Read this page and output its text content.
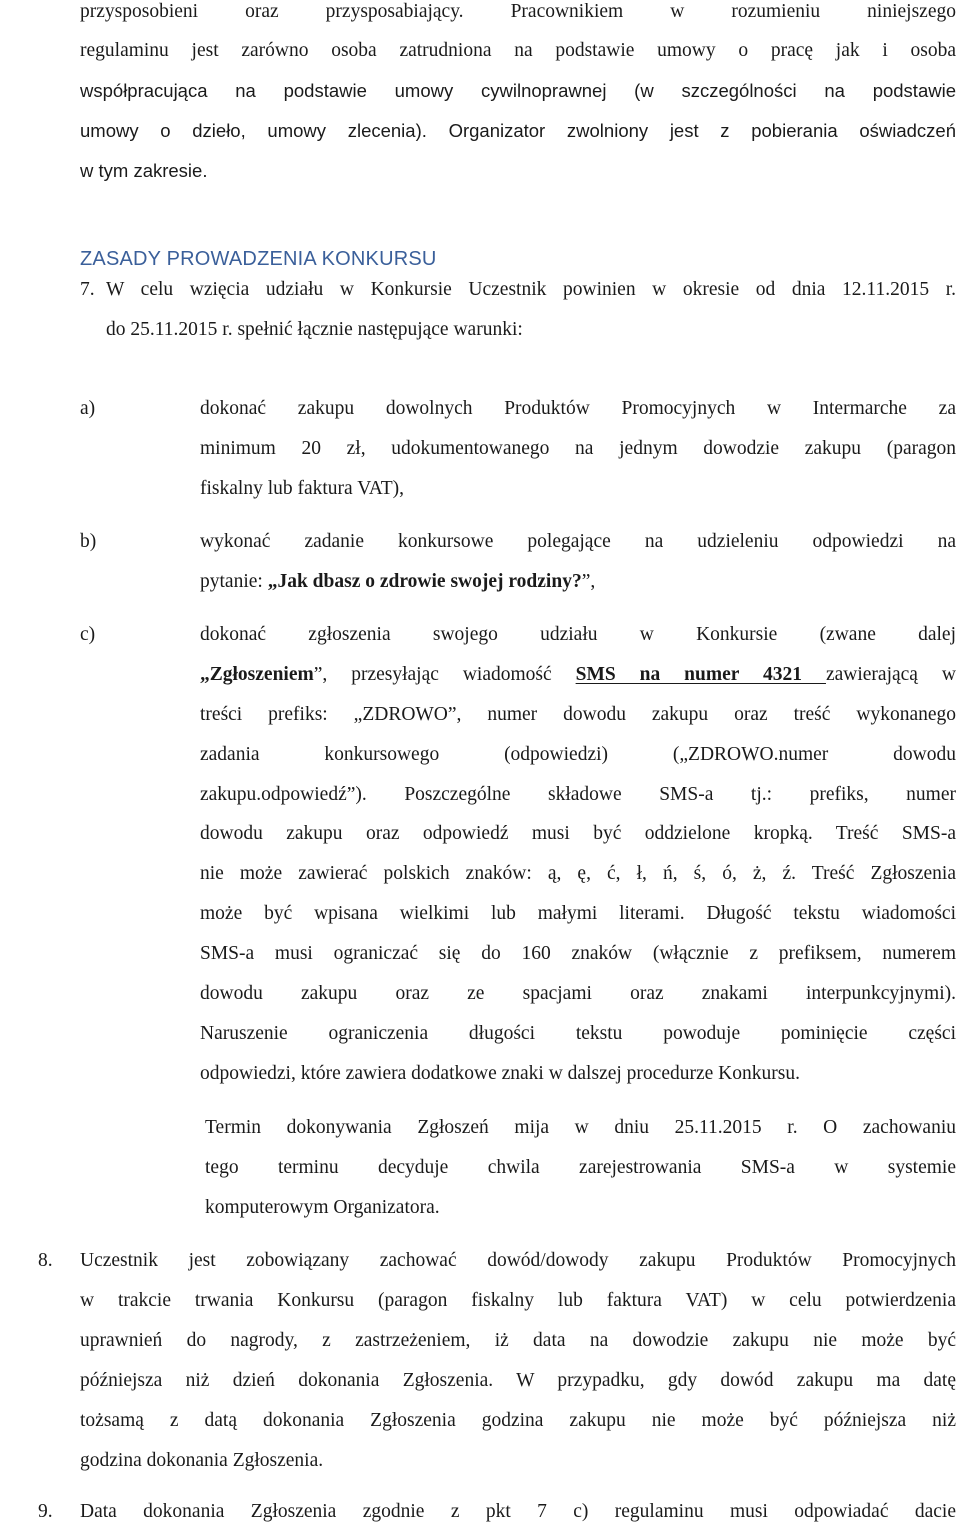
przysposobieni oraz przysposabiający. Pracownikiem w rozumieniu niniejszego
regulaminu jest zarówno osoba zatrudniona na podstawie umowy o pracę jak i osoba
współpracująca na podstawie umowy cywilnoprawnej (w szczególności na podstawie
umowy o dzieło, umowy zlecenia). Organizator zwolniony jest z pobierania oświadczeń
w tym zakresie.
ZASADY PROWADZENIA KONKURSU
7. W celu wzięcia udziału w Konkursie Uczestnik powinien w okresie od dnia 12.11.2015 r.
do 25.11.2015 r. spełnić łącznie następujące warunki:
a)	dokonać zakupu dowolnych Produktów Promocyjnych w Intermarche za
minimum 20 zł, udokumentowanego na jednym dowodzie zakupu (paragon
fiskalny lub faktura VAT),
b)	wykonać zadanie konkursowe polegające na udzieleniu odpowiedzi na
pytanie: „Jak dbasz o zdrowie swojej rodziny?”,
c)	dokonać zgłoszenia swojego udziału w Konkursie (zwane dalej
„Zgłoszeniem”, przesyłając wiadomość SMS na numer 4321 zawierającą w
treści prefiks: „ZDROWO”, numer dowodu zakupu oraz treść wykonanego
zadania konkursowego (odpowiedzi) („ZDROWO.numer dowodu
zakupu.odpowiedź”). Poszczególne składowe SMS-a tj.: prefiks, numer
dowodu zakupu oraz odpowiedź musi być oddzielone kropką. Treść SMS-a
nie może zawierać polskich znaków: ą, ę, ć, ł, ń, ś, ó, ż, ź. Treść Zgłoszenia
może być wpisana wielkimi lub małymi literami. Długość tekstu wiadomości
SMS-a musi ograniczać się do 160 znaków (włącznie z prefiksem, numerem
dowodu zakupu oraz ze spacjami oraz znakami interpunkcyjnymi).
Naruszenie ograniczenia długości tekstu powoduje pominięcie części
odpowiedzi, które zawiera dodatkowe znaki w dalszej procedurze Konkursu.
Termin dokonywania Zgłoszeń mija w dniu 25.11.2015 r. O zachowaniu
tego terminu decyduje chwila zarejestrowania SMS-a w systemie
komputerowym Organizatora.
8. Uczestnik jest zobowiązany zachować dowód/dowody zakupu Produktów Promocyjnych
w trakcie trwania Konkursu (paragon fiskalny lub faktura VAT) w celu potwierdzenia
uprawnień do nagrody, z zastrzeżeniem, iż data na dowodzie zakupu nie może być
późniejsza niż dzień dokonania Zgłoszenia. W przypadku, gdy dowód zakupu ma datę
tożsamą z datą dokonania Zgłoszenia godzina zakupu nie może być późniejsza niż
godzina dokonania Zgłoszenia.
9. Data dokonania Zgłoszenia zgodnie z pkt 7 c) regulaminu musi odpowiadać dacie
